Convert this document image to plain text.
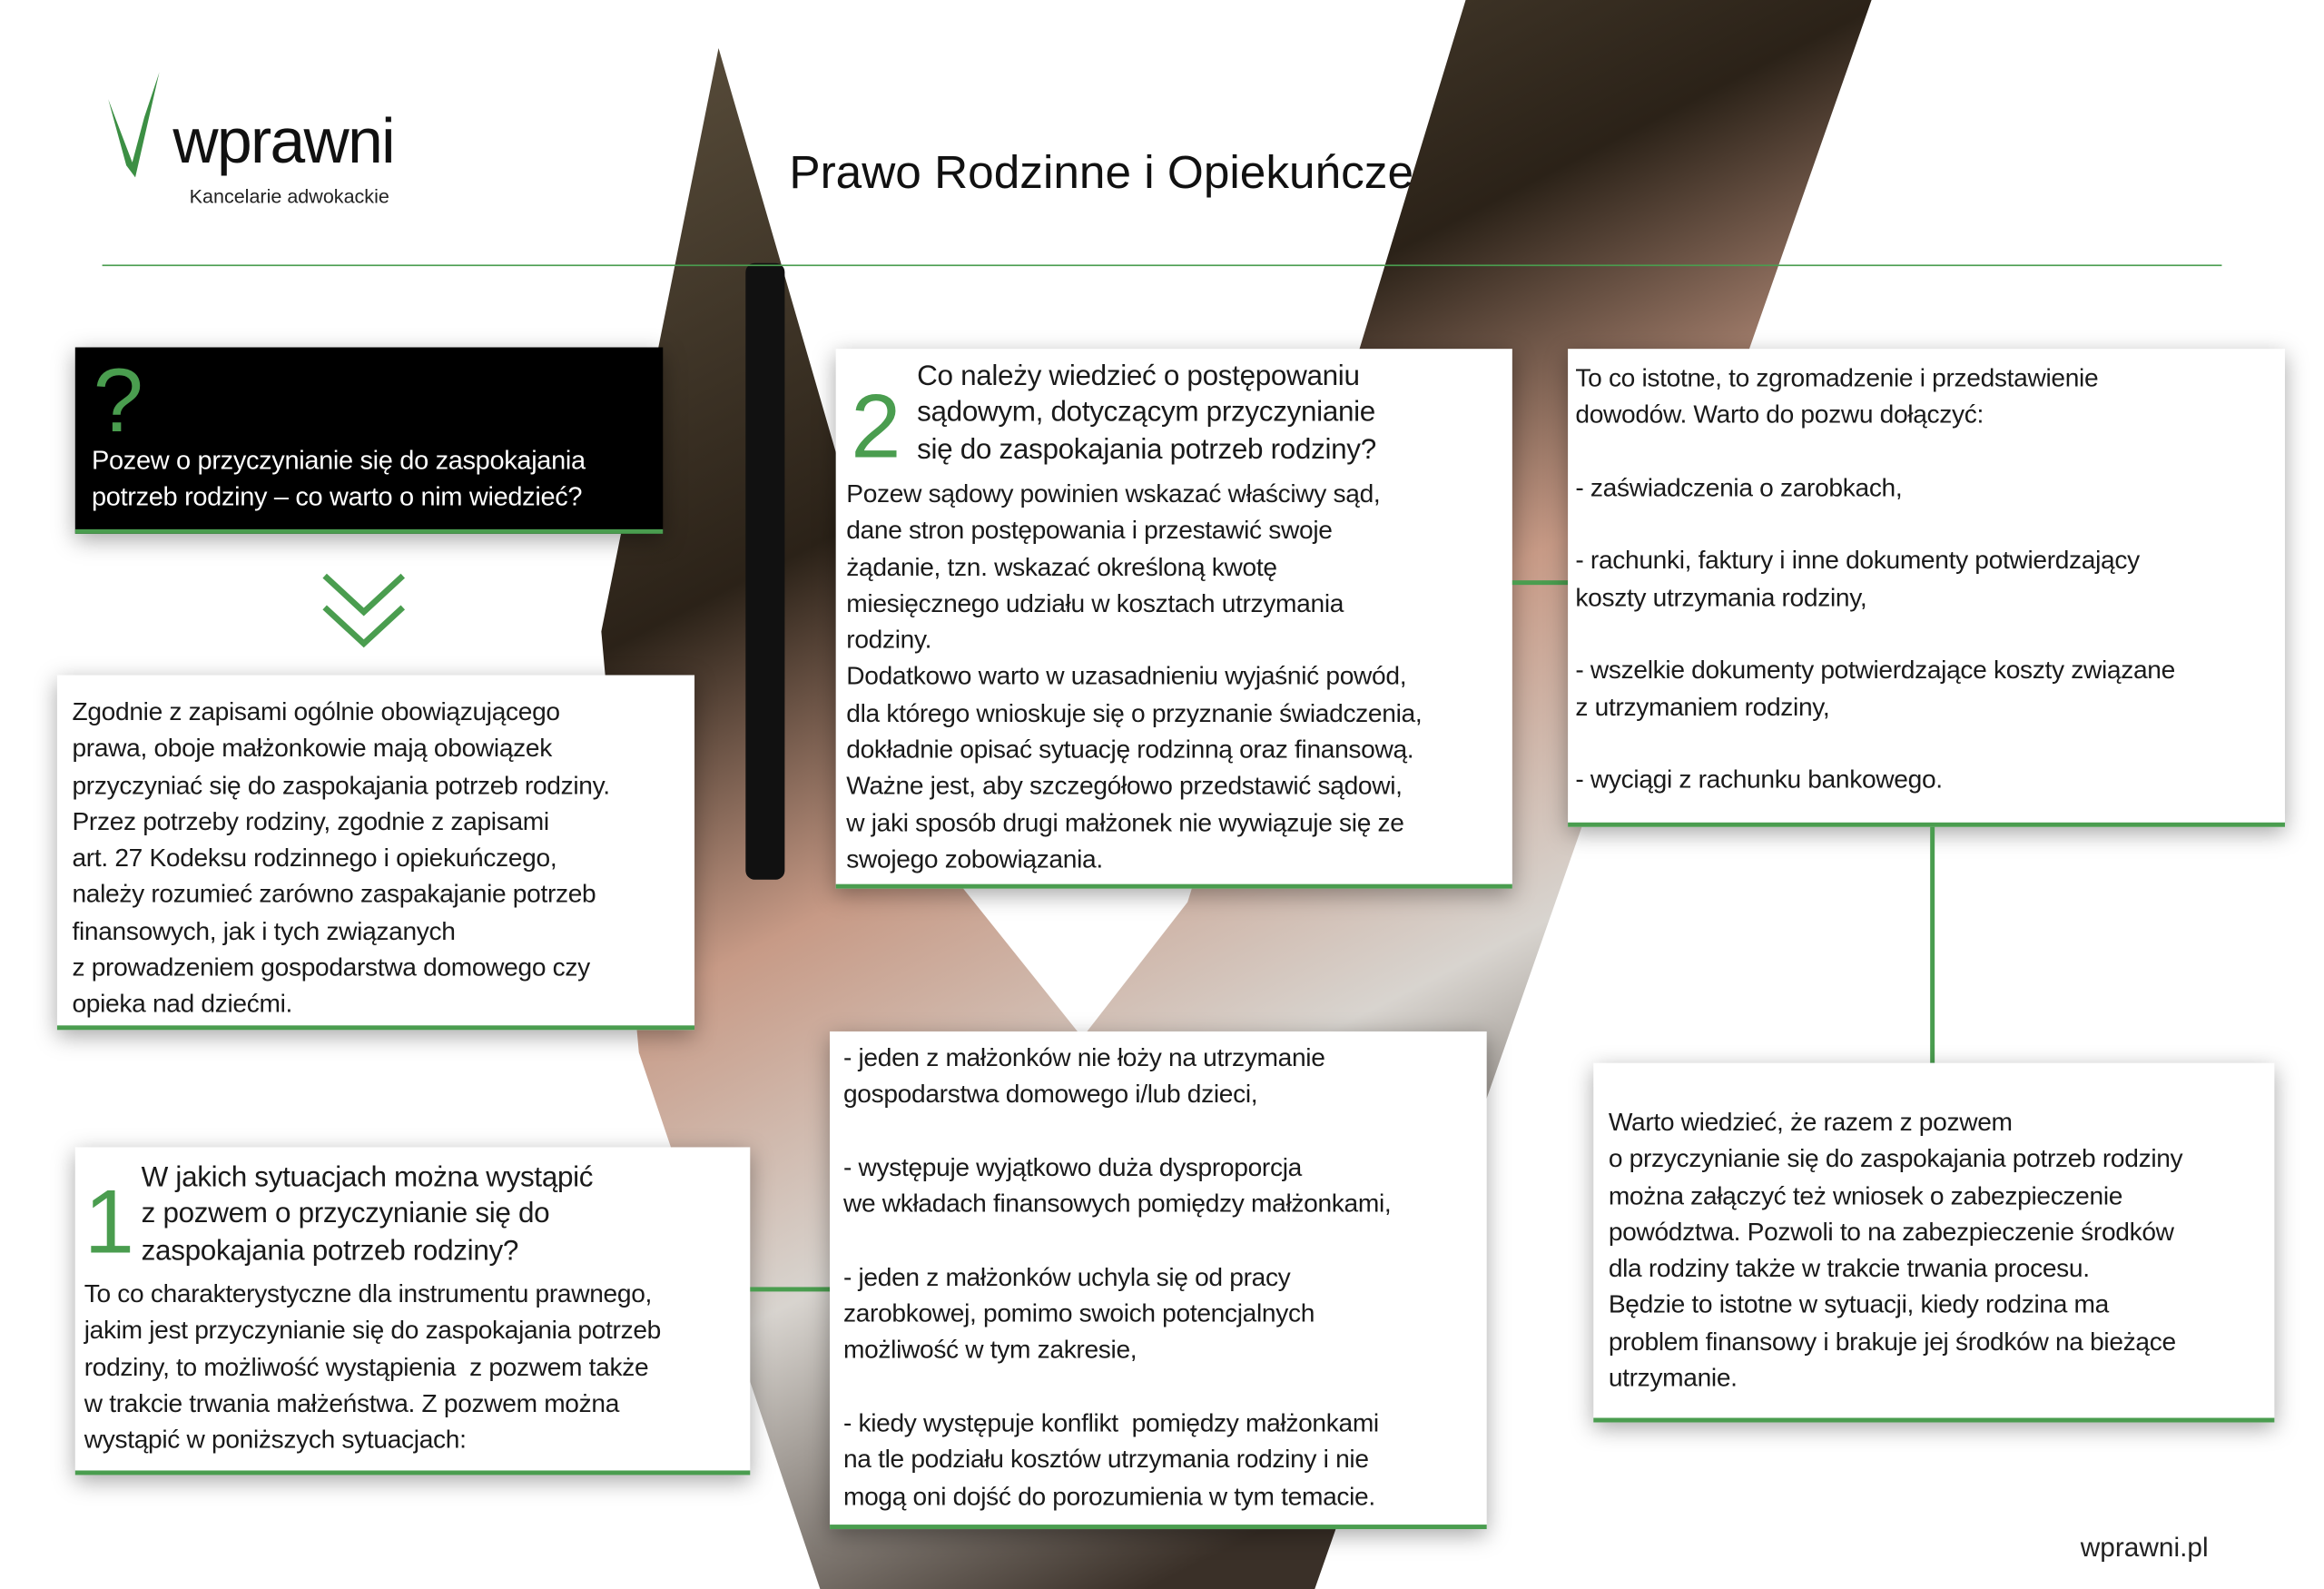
wprawni
Kancelarie adwokackie	Prawo Rodzinne i Opiekuńcze
?
Pozew o przyczynianie się do zaspokajania
potrzeb rodziny – co warto o nim wiedzieć?
Zgodnie z zapisami ogólnie obowiązującego
prawa, oboje małżonkowie mają obowiązek
przyczyniać się do zaspokajania potrzeb rodziny.
Przez potrzeby rodziny, zgodnie z zapisami
art. 27 Kodeksu rodzinnego i opiekuńczego,
należy rozumieć zarówno zaspakajanie potrzeb
finansowych, jak i tych związanych
z prowadzeniem gospodarstwa domowego czy
opieka nad dziećmi.
1 W jakich sytuacjach można wystąpić
z pozwem o przyczynianie się do
zaspokajania potrzeb rodziny?
To co charakterystyczne dla instrumentu prawnego,
jakim jest przyczynianie się do zaspokajania potrzeb
rodziny, to możliwość wystąpienia  z pozwem także
w trakcie trwania małżeństwa. Z pozwem można
wystąpić w poniższych sytuacjach:
- jeden z małżonków nie łoży na utrzymanie
gospodarstwa domowego i/lub dzieci,

- występuje wyjątkowo duża dysproporcja
we wkładach finansowych pomiędzy małżonkami,

- jeden z małżonków uchyla się od pracy
zarobkowej, pomimo swoich potencjalnych
możliwość w tym zakresie,

- kiedy występuje konflikt  pomiędzy małżonkami
na tle podziału kosztów utrzymania rodziny i nie
mogą oni dojść do porozumienia w tym temacie.
2 Co należy wiedzieć o postępowaniu
sądowym, dotyczącym przyczynianie
się do zaspokajania potrzeb rodziny?
Pozew sądowy powinien wskazać właściwy sąd,
dane stron postępowania i przestawić swoje
żądanie, tzn. wskazać określoną kwotę
miesięcznego udziału w kosztach utrzymania
rodziny.
Dodatkowo warto w uzasadnieniu wyjaśnić powód,
dla którego wnioskuje się o przyznanie świadczenia,
dokładnie opisać sytuację rodzinną oraz finansową.
Ważne jest, aby szczegółowo przedstawić sądowi,
w jaki sposób drugi małżonek nie wywiązuje się ze
swojego zobowiązania.
To co istotne, to zgromadzenie i przedstawienie
dowodów. Warto do pozwu dołączyć:

- zaświadczenia o zarobkach,

- rachunki, faktury i inne dokumenty potwierdzający
koszty utrzymania rodziny,

- wszelkie dokumenty potwierdzające koszty związane
z utrzymaniem rodziny,

- wyciągi z rachunku bankowego.
Warto wiedzieć, że razem z pozwem
o przyczynianie się do zaspokajania potrzeb rodziny
można załączyć też wniosek o zabezpieczenie
powództwa. Pozwoli to na zabezpieczenie środków
dla rodziny także w trakcie trwania procesu.
Będzie to istotne w sytuacji, kiedy rodzina ma
problem finansowy i brakuje jej środków na bieżące
utrzymanie.
wprawni.pl
